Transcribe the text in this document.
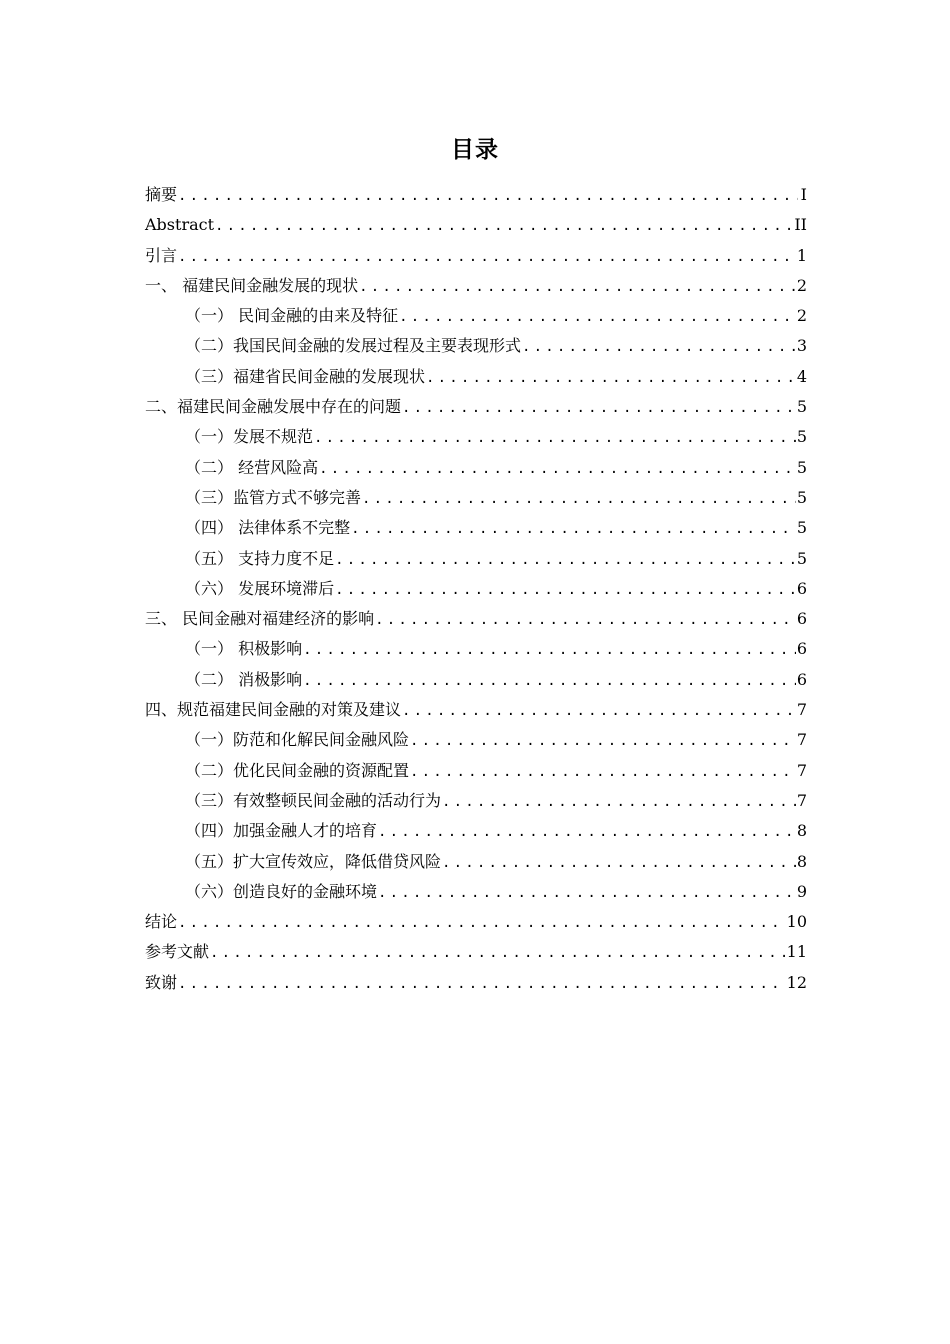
目录
摘要 .....	I
Abstract .....	II
引言 .....	1
一、 福建民间金融发展的现状 .....	2
（一） 民间金融的由来及特征 .....	2
（二）我国民间金融的发展过程及主要表现形式 .....	3
（三）福建省民间金融的发展现状 .....	4
二、福建民间金融发展中存在的问题 .....	5
（一）发展不规范 .....	5
（二） 经营风险高 .....	5
（三）监管方式不够完善 .....	5
（四） 法律体系不完整 .....	5
（五） 支持力度不足 .....	5
（六） 发展环境滞后 .....	6
三、 民间金融对福建经济的影响 .....	6
（一） 积极影响 .....	6
（二） 消极影响 .....	6
四、规范福建民间金融的对策及建议 .....	7
（一）防范和化解民间金融风险 .....	7
（二）优化民间金融的资源配置 .....	7
（三）有效整顿民间金融的活动行为 .....	7
（四）加强金融人才的培育 .....	8
（五）扩大宣传效应，降低借贷风险 .....	8
（六）创造良好的金融环境 .....	9
结论 .....	10
参考文献 .....	11
致谢 .....	12
